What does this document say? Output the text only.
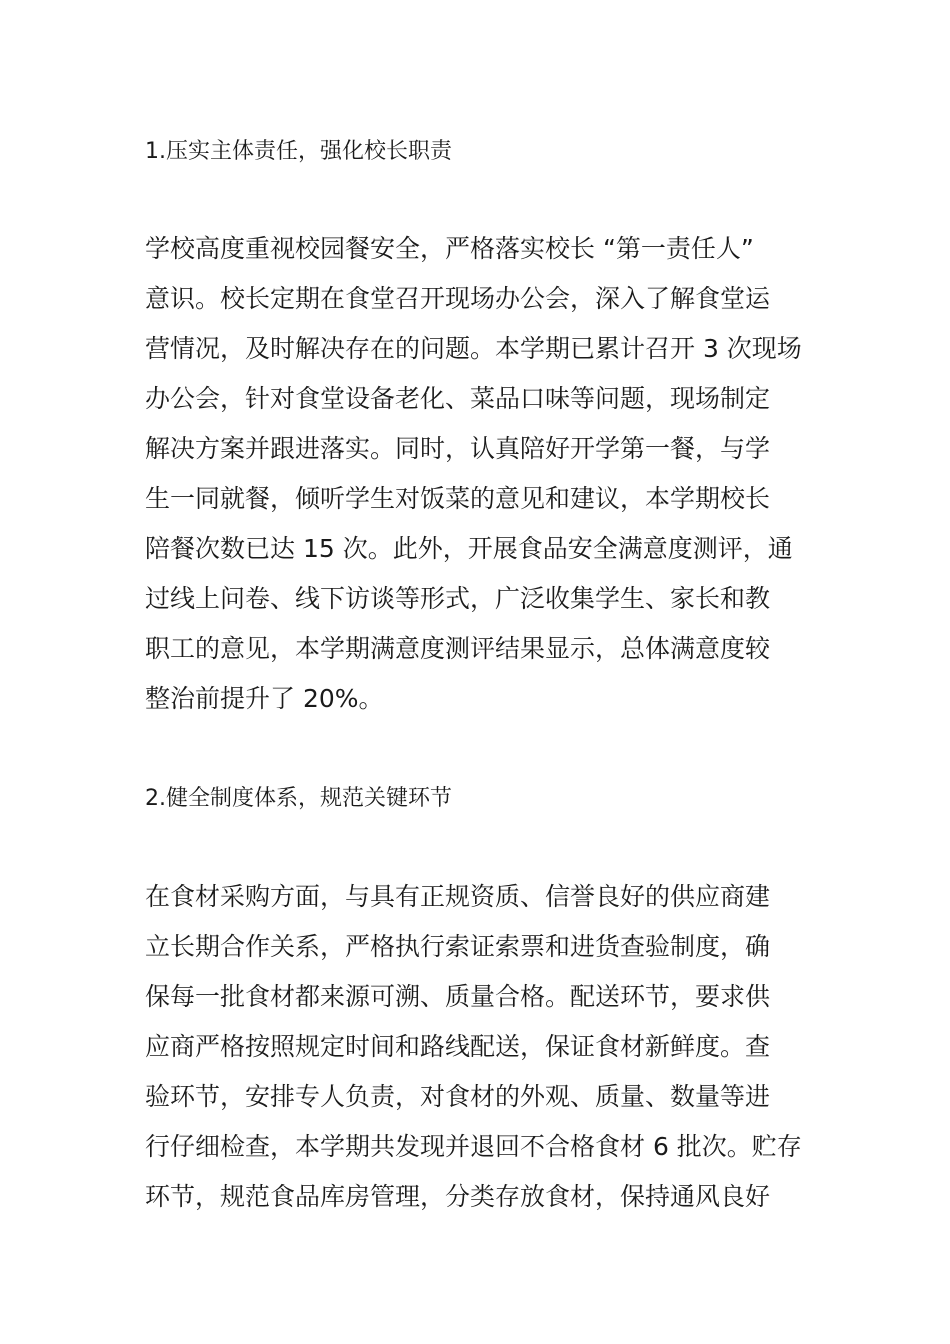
1.压实主体责任，强化校长职责
学校高度重视校园餐安全，严格落实校长 “第一责任人”
意识。校长定期在食堂召开现场办公会，深入了解食堂运
营情况，及时解决存在的问题。本学期已累计召开 3 次现场
办公会，针对食堂设备老化、菜品口味等问题，现场制定
解决方案并跟进落实。同时，认真陪好开学第一餐，与学
生一同就餐，倾听学生对饭菜的意见和建议，本学期校长
陪餐次数已达 15 次。此外，开展食品安全满意度测评，通
过线上问卷、线下访谈等形式，广泛收集学生、家长和教
职工的意见，本学期满意度测评结果显示，总体满意度较
整治前提升了 20%。
2.健全制度体系，规范关键环节
在食材采购方面，与具有正规资质、信誉良好的供应商建
立长期合作关系，严格执行索证索票和进货查验制度，确
保每一批食材都来源可溯、质量合格。配送环节，要求供
应商严格按照规定时间和路线配送，保证食材新鲜度。查
验环节，安排专人负责，对食材的外观、质量、数量等进
行仔细检查，本学期共发现并退回不合格食材 6 批次。贮存
环节，规范食品库房管理，分类存放食材，保持通风良好
